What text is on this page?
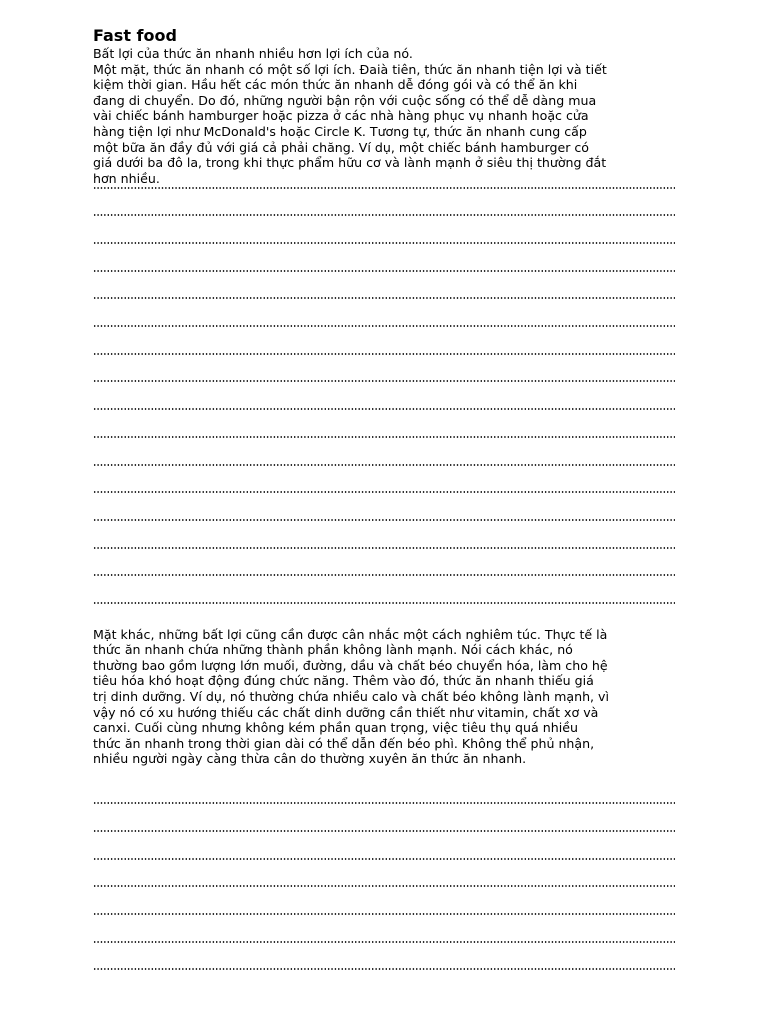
Fast food

Bất lợi của thức ăn nhanh nhiều hơn lợi ích của nó.
Một mặt, thức ăn nhanh có một số lợi ích. Đaià tiên, thức ăn nhanh tiện lợi và tiết
kiệm thời gian. Hầu hết các món thức ăn nhanh dễ đóng gói và có thể ăn khi
đang di chuyển. Do đó, những người bận rộn với cuộc sống có thể dễ dàng mua
vài chiếc bánh hamburger hoặc pizza ở các nhà hàng phục vụ nhanh hoặc cửa
hàng tiện lợi như McDonald's hoặc Circle K. Tương tự, thức ăn nhanh cung cấp
một bữa ăn đầy đủ với giá cả phải chăng. Ví dụ, một chiếc bánh hamburger có
giá dưới ba đô la, trong khi thực phẩm hữu cơ và lành mạnh ở siêu thị thường đắt
hơn nhiều.

Mặt khác, những bất lợi cũng cần được cân nhắc một cách nghiêm túc. Thực tế là
thức ăn nhanh chứa những thành phần không lành mạnh. Nói cách khác, nó
thường bao gồm lượng lớn muối, đường, dầu và chất béo chuyển hóa, làm cho hệ
tiêu hóa khó hoạt động đúng chức năng. Thêm vào đó, thức ăn nhanh thiếu giá
trị dinh dưỡng. Ví dụ, nó thường chứa nhiều calo và chất béo không lành mạnh, vì
vậy nó có xu hướng thiếu các chất dinh dưỡng cần thiết như vitamin, chất xơ và
canxi. Cuối cùng nhưng không kém phần quan trọng, việc tiêu thụ quá nhiều
thức ăn nhanh trong thời gian dài có thể dẫn đến béo phì. Không thể phủ nhận,
nhiều người ngày càng thừa cân do thường xuyên ăn thức ăn nhanh.
